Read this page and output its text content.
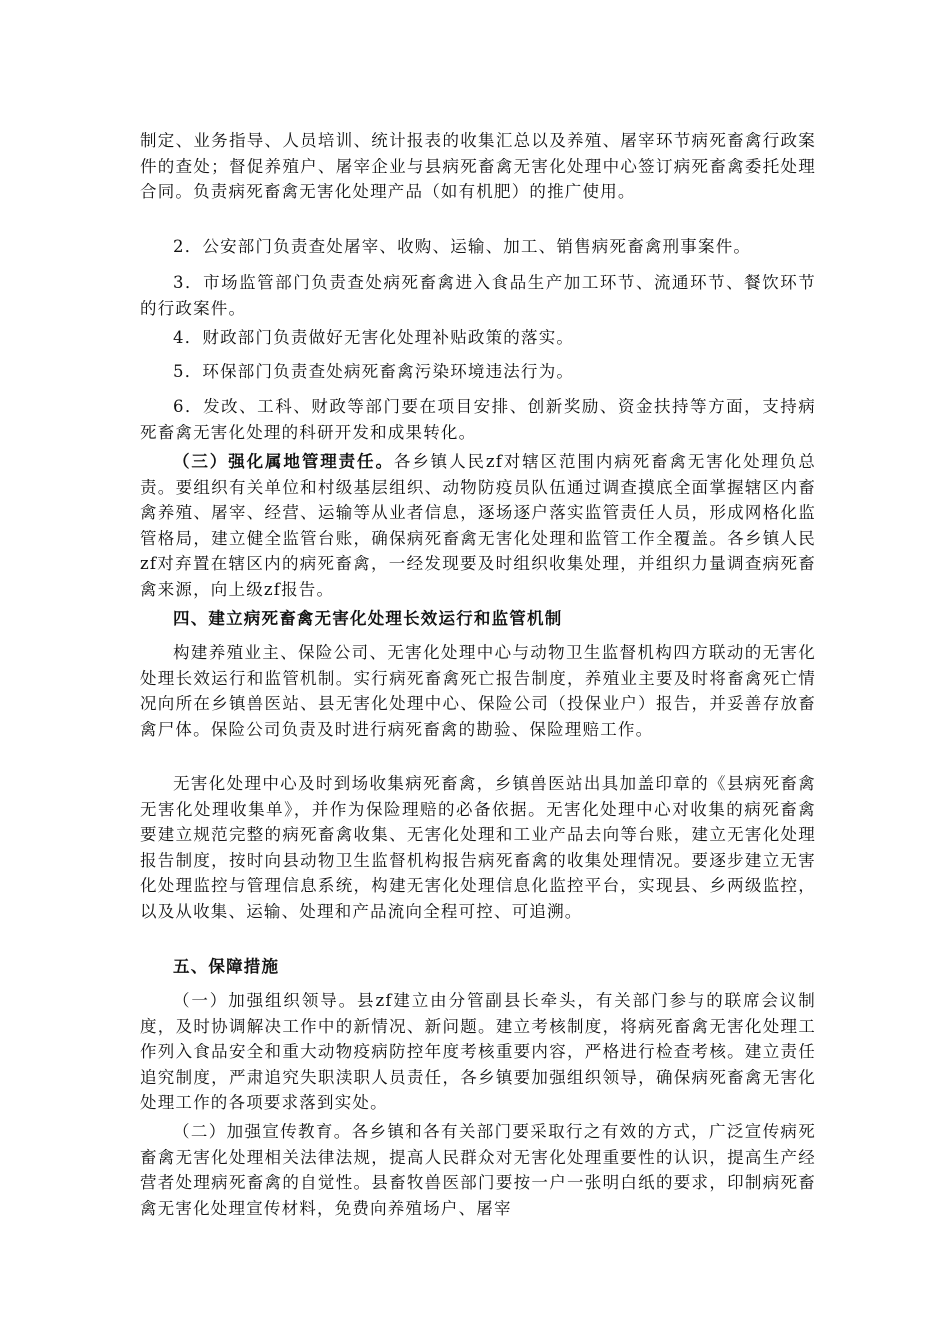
制定、业务指导、人员培训、统计报表的收集汇总以及养殖、屠宰环节病死畜禽行政案件的查处；督促养殖户、屠宰企业与县病死畜禽无害化处理中心签订病死畜禽委托处理合同。负责病死畜禽无害化处理产品（如有机肥）的推广使用。

2．公安部门负责查处屠宰、收购、运输、加工、销售病死畜禽刑事案件。

3．市场监管部门负责查处病死畜禽进入食品生产加工环节、流通环节、餐饮环节的行政案件。

4．财政部门负责做好无害化处理补贴政策的落实。

5．环保部门负责查处病死畜禽污染环境违法行为。

6．发改、工科、财政等部门要在项目安排、创新奖励、资金扶持等方面，支持病死畜禽无害化处理的科研开发和成果转化。

（三）强化属地管理责任。各乡镇人民zf对辖区范围内病死畜禽无害化处理负总责。要组织有关单位和村级基层组织、动物防疫员队伍通过调查摸底全面掌握辖区内畜禽养殖、屠宰、经营、运输等从业者信息，逐场逐户落实监管责任人员，形成网格化监管格局，建立健全监管台账，确保病死畜禽无害化处理和监管工作全覆盖。各乡镇人民zf对弃置在辖区内的病死畜禽，一经发现要及时组织收集处理，并组织力量调查病死畜禽来源，向上级zf报告。

四、建立病死畜禽无害化处理长效运行和监管机制

构建养殖业主、保险公司、无害化处理中心与动物卫生监督机构四方联动的无害化处理长效运行和监管机制。实行病死畜禽死亡报告制度，养殖业主要及时将畜禽死亡情况向所在乡镇兽医站、县无害化处理中心、保险公司（投保业户）报告，并妥善存放畜禽尸体。保险公司负责及时进行病死畜禽的勘验、保险理赔工作。

无害化处理中心及时到场收集病死畜禽，乡镇兽医站出具加盖印章的《县病死畜禽无害化处理收集单》，并作为保险理赔的必备依据。无害化处理中心对收集的病死畜禽要建立规范完整的病死畜禽收集、无害化处理和工业产品去向等台账，建立无害化处理报告制度，按时向县动物卫生监督机构报告病死畜禽的收集处理情况。要逐步建立无害化处理监控与管理信息系统，构建无害化处理信息化监控平台，实现县、乡两级监控，以及从收集、运输、处理和产品流向全程可控、可追溯。

五、保障措施

（一）加强组织领导。县zf建立由分管副县长牵头，有关部门参与的联席会议制度，及时协调解决工作中的新情况、新问题。建立考核制度，将病死畜禽无害化处理工作列入食品安全和重大动物疫病防控年度考核重要内容，严格进行检查考核。建立责任追究制度，严肃追究失职渎职人员责任，各乡镇要加强组织领导，确保病死畜禽无害化处理工作的各项要求落到实处。

（二）加强宣传教育。各乡镇和各有关部门要采取行之有效的方式，广泛宣传病死畜禽无害化处理相关法律法规，提高人民群众对无害化处理重要性的认识，提高生产经营者处理病死畜禽的自觉性。县畜牧兽医部门要按一户一张明白纸的要求，印制病死畜禽无害化处理宣传材料，免费向养殖场户、屠宰
